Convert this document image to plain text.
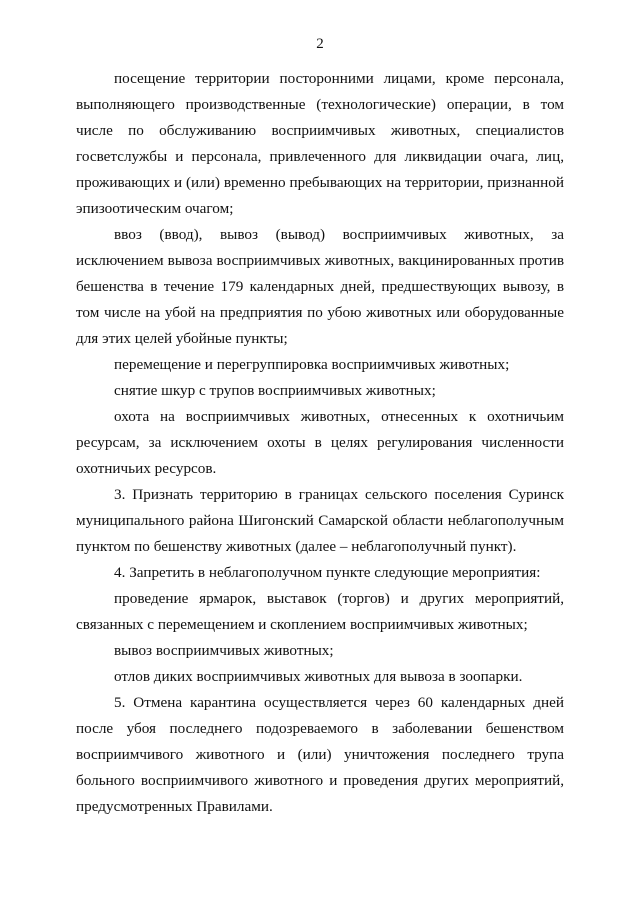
2

посещение территории посторонними лицами, кроме персонала, выполняющего производственные (технологические) операции, в том числе по обслуживанию восприимчивых животных, специалистов госветслужбы и персонала, привлеченного для ликвидации очага, лиц, проживающих и (или) временно пребывающих на территории, признанной эпизоотическим очагом;

ввоз (ввод), вывоз (вывод) восприимчивых животных, за исключением вывоза восприимчивых животных, вакцинированных против бешенства в течение 179 календарных дней, предшествующих вывозу, в том числе на убой на предприятия по убою животных или оборудованные для этих целей убойные пункты;

перемещение и перегруппировка восприимчивых животных;

снятие шкур с трупов восприимчивых животных;

охота на восприимчивых животных, отнесенных к охотничьим ресурсам, за исключением охоты в целях регулирования численности охотничьих ресурсов.

3. Признать территорию в границах сельского поселения Суринск муниципального района Шигонский Самарской области неблагополучным пунктом по бешенству животных (далее – неблагополучный пункт).

4. Запретить в неблагополучном пункте следующие мероприятия:

проведение ярмарок, выставок (торгов) и других мероприятий, связанных с перемещением и скоплением восприимчивых животных;

вывоз восприимчивых животных;

отлов диких восприимчивых животных для вывоза в зоопарки.

5. Отмена карантина осуществляется через 60 календарных дней после убоя последнего подозреваемого в заболевании бешенством восприимчивого животного и (или) уничтожения последнего трупа больного восприимчивого животного и проведения других мероприятий, предусмотренных Правилами.
